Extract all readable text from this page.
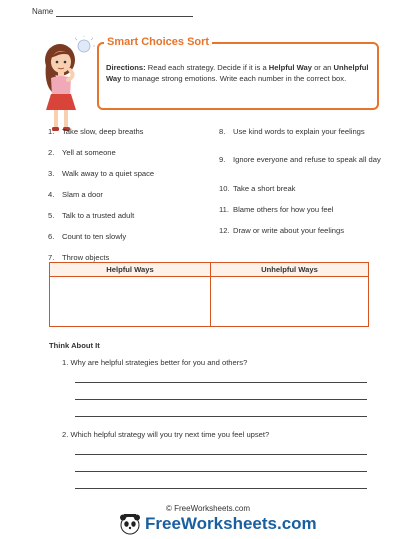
Name
Smart Choices Sort
Directions: Read each strategy. Decide if it is a Helpful Way or an Unhelpful Way to manage strong emotions. Write each number in the correct box.
1. Take slow, deep breaths
2. Yell at someone
3. Walk away to a quiet space
4. Slam a door
5. Talk to a trusted adult
6. Count to ten slowly
7. Throw objects
8.	Use kind words to explain your feelings
9.	Ignore everyone and refuse to speak all day
10. Take a short break
11. Blame others for how you feel
12. Draw or write about your feelings
Helpful Ways	Unhelpful Ways
Think About It
1. Why are helpful strategies better for you and others?
2. Which helpful strategy will you try next time you feel upset?
© FreeWorksheets.com
Free Worksheets.com
